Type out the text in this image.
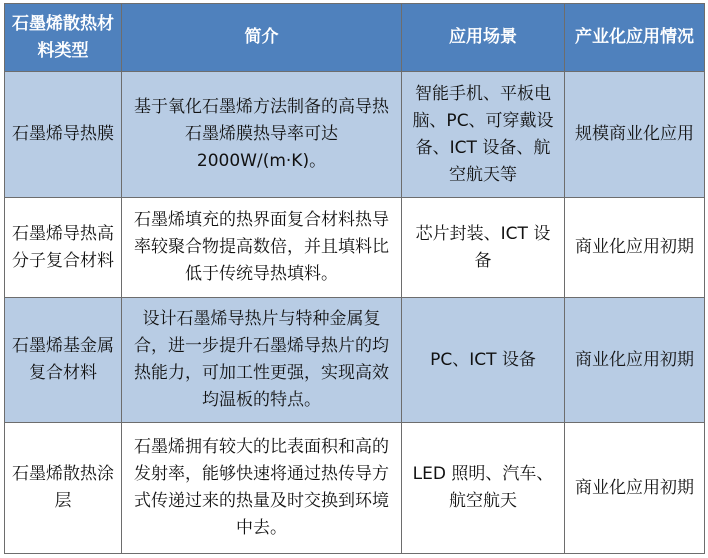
石墨烯散热材料类型	简介	应用场景	产业化应用情况
石墨烯导热膜	基于氧化石墨烯方法制备的高导热石墨烯膜热导率可达2000W/(m·K)。	智能手机、平板电脑、PC、可穿戴设备、ICT 设备、航空航天等	规模商业化应用
石墨烯导热高分子复合材料	石墨烯填充的热界面复合材料热导率较聚合物提高数倍，并且填料比低于传统导热填料。	芯片封装、ICT 设备	商业化应用初期
石墨烯基金属复合材料	设计石墨烯导热片与特种金属复合，进一步提升石墨烯导热片的均热能力，可加工性更强，实现高效均温板的特点。	PC、ICT 设备	商业化应用初期
石墨烯散热涂层	石墨烯拥有较大的比表面积和高的发射率，能够快速将通过热传导方式传递过来的热量及时交换到环境中去。	LED 照明、汽车、航空航天	商业化应用初期
